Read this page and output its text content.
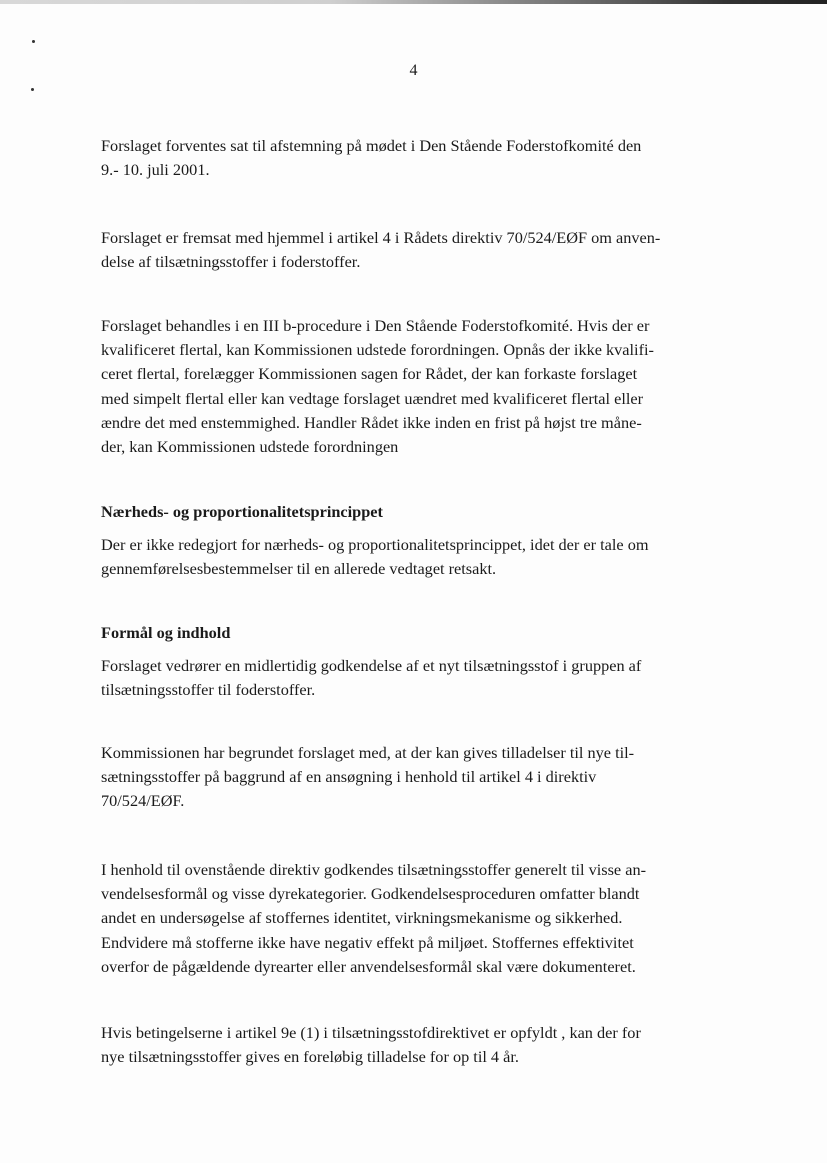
4

Forslaget forventes sat til afstemning på mødet i Den Stående Foderstofkomité den
9.- 10. juli 2001.

Forslaget er fremsat med hjemmel i artikel 4 i Rådets direktiv 70/524/EØF om anven-
delse af tilsætningsstoffer i foderstoffer.

Forslaget behandles i en III b-procedure i Den Stående Foderstofkomité. Hvis der er
kvalificeret flertal, kan Kommissionen udstede forordningen. Opnås der ikke kvalifi-
ceret flertal, forelægger Kommissionen sagen for Rådet, der kan forkaste forslaget
med simpelt flertal eller kan vedtage forslaget uændret med kvalificeret flertal eller
ændre det med enstemmighed. Handler Rådet ikke inden en frist på højst tre måne-
der, kan Kommissionen udstede forordningen

Nærheds- og proportionalitetsprincippet

Der er ikke redegjort for nærheds- og proportionalitetsprincippet, idet der er tale om
gennemførelsesbestemmelser til en allerede vedtaget retsakt.

Formål og indhold

Forslaget vedrører en midlertidig godkendelse af et nyt tilsætningsstof i gruppen af
tilsætningsstoffer til foderstoffer.

Kommissionen har begrundet forslaget med, at der kan gives tilladelser til nye til-
sætningsstoffer på baggrund af en ansøgning i henhold til artikel 4 i direktiv
70/524/EØF.

I henhold til ovenstående direktiv godkendes tilsætningsstoffer generelt til visse an-
vendelsesformål og visse dyrekategorier. Godkendelsesproceduren omfatter blandt
andet en undersøgelse af stoffernes identitet, virkningsmekanisme og sikkerhed.
Endvidere må stofferne ikke have negativ effekt på miljøet. Stoffernes effektivitet
overfor de pågældende dyrearter eller anvendelsesformål skal være dokumenteret.

Hvis betingelserne i artikel 9e (1) i tilsætningsstofdirektivet er opfyldt , kan der for
nye tilsætningsstoffer gives en foreløbig tilladelse for op til 4 år.
